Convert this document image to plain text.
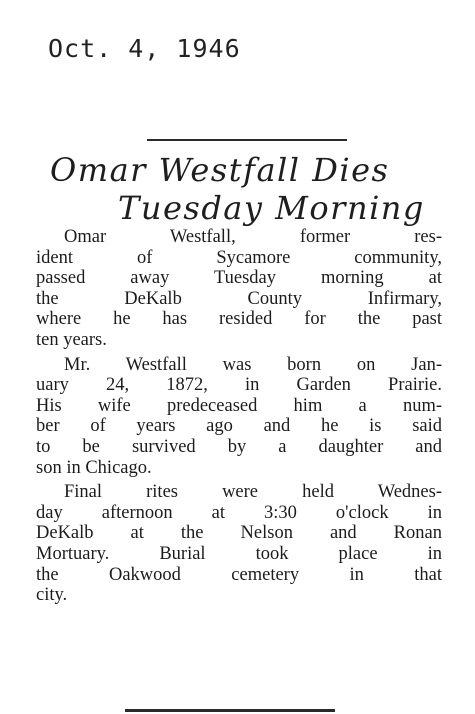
Oct. 4, 1946
Omar Westfall Dies
Tuesday Morning

Omar Westfall, former res-
ident of Sycamore community,
passed away Tuesday morning at
the DeKalb County Infirmary,
where he has resided for the past
ten years.

Mr. Westfall was born on Jan-
uary 24, 1872, in Garden Prairie.
His wife predeceased him a num-
ber of years ago and he is said
to be survived by a daughter and
son in Chicago.

Final rites were held Wednes-
day afternoon at 3:30 o'clock in
DeKalb at the Nelson and Ronan
Mortuary. Burial took place in
the Oakwood cemetery in that
city.
